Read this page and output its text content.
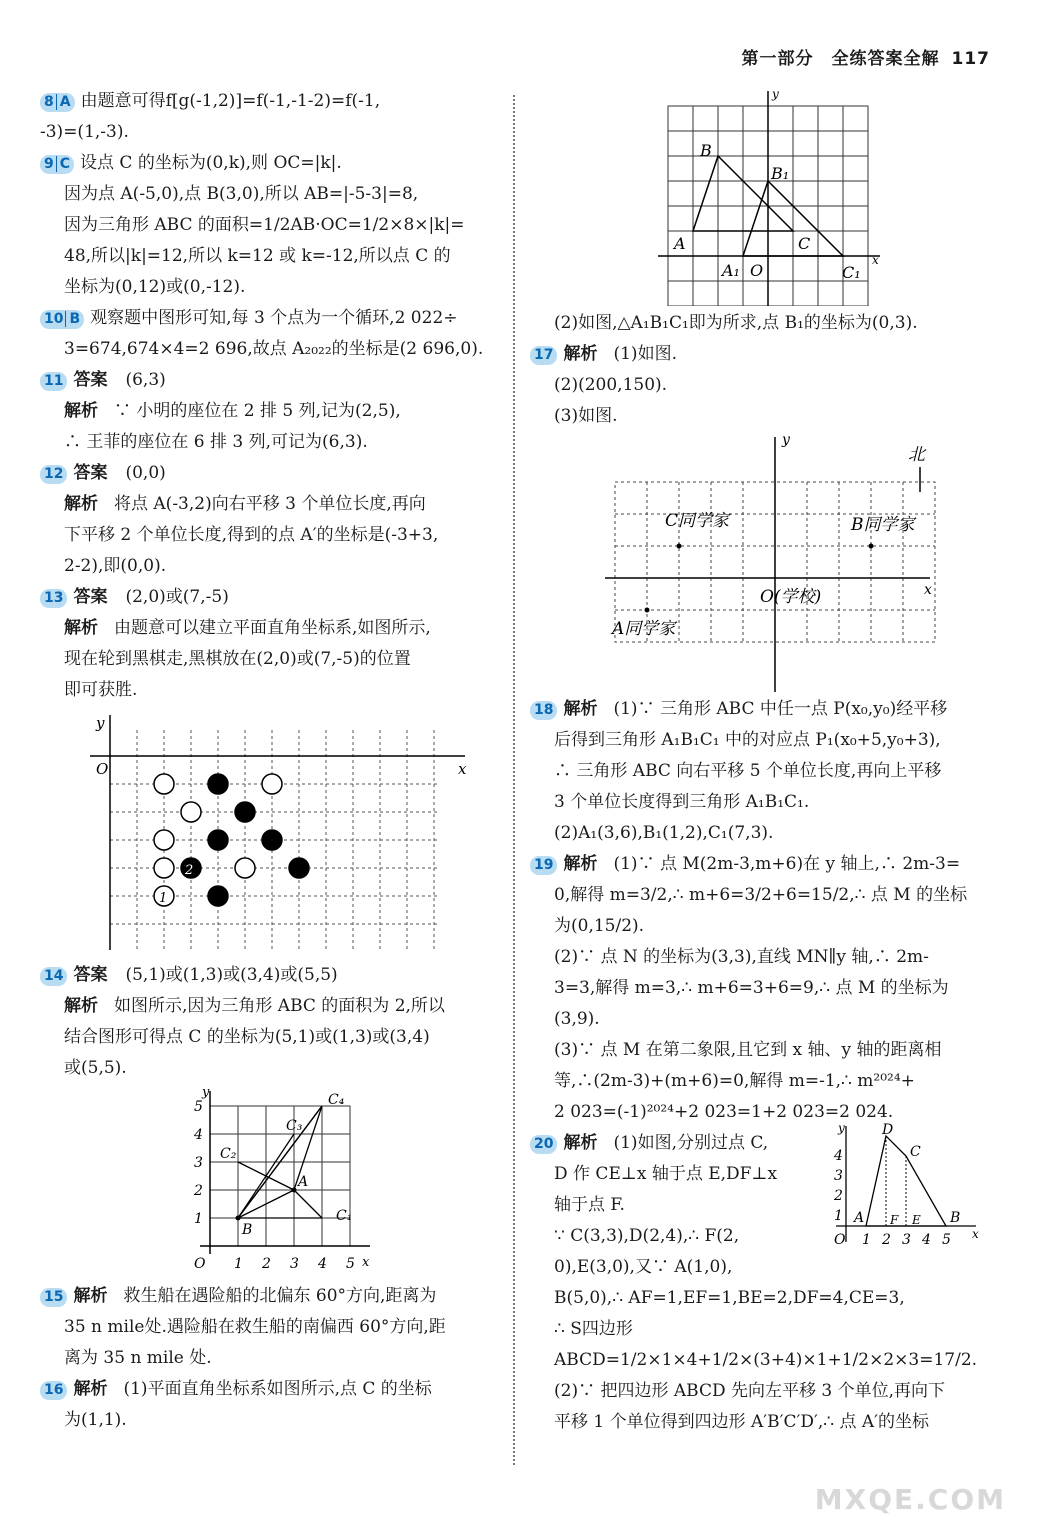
第一部分　全练答案全解 117
8 A 由题意可得f[g(-1,2)]=f(-1,-1-2)=f(-1,
-3)=(1,-3).
9 C 设点 C 的坐标为(0,k),则 OC=|k|.

因为点 A(-5,0),点 B(3,0),所以 AB=|-5-3|=8,
因为三角形 ABC 的面积=1/2AB·OC=1/2×8×|k|=
48,所以|k|=12,所以 k=12 或 k=-12,所以点 C 的
坐标为(0,12)或(0,-12).
10 B 观察题中图形可知,每 3 个点为一个循环,2 022÷

3=674,674×4=2 696,故点 A₂₀₂₂的坐标是(2 696,0).
11 答案 (6,3)
解析 ∵ 小明的座位在 2 排 5 列,记为(2,5),
∴ 王菲的座位在 6 排 3 列,可记为(6,3).
12 答案 (0,0)
解析 将点 A(-3,2)向右平移 3 个单位长度,再向
下平移 2 个单位长度,得到的点 A′的坐标是(-3+3,
2-2),即(0,0).
13 答案 (2,0)或(7,-5)
解析 由题意可以建立平面直角坐标系,如图所示,
现在轮到黑棋走,黑棋放在(2,0)或(7,-5)的位置
即可获胜.
y
x
O
2
1
14 答案 (5,1)或(1,3)或(3,4)或(5,5)
解析 如图所示,因为三角形 ABC 的面积为 2,所以
结合图形可得点 C 的坐标为(5,1)或(1,3)或(3,4)
或(5,5).
y
x
O 1 2 3 4 5
1
2
3
4
5
B
A
C₁
C₂
C₃
C₄
15 解析 救生船在遇险船的北偏东 60°方向,距离为
35 n mile处.遇险船在救生船的南偏西 60°方向,距
离为 35 n mile 处.
16 解析 (1)平面直角坐标系如图所示,点 C 的坐标
为(1,1).
y
x
B
A	C
B₁
A₁ O	C₁
(2)如图,△A₁B₁C₁即为所求,点 B₁的坐标为(0,3).
17 解析 (1)如图.
(2)(200,150).
(3)如图.
y
x
北
C同学家	B同学家
A同学家
O(学校)
18 解析 (1)∵ 三角形 ABC 中任一点 P(x₀,y₀)经平移
后得到三角形 A₁B₁C₁ 中的对应点 P₁(x₀+5,y₀+3),
∴ 三角形 ABC 向右平移 5 个单位长度,再向上平移
3 个单位长度得到三角形 A₁B₁C₁.
(2)A₁(3,6),B₁(1,2),C₁(7,3).
19 解析 (1)∵ 点 M(2m-3,m+6)在 y 轴上,∴ 2m-3=
0,解得 m=3/2,∴ m+6=3/2+6=15/2,∴ 点 M 的坐标
为(0,15/2).
(2)∵ 点 N 的坐标为(3,3),直线 MN∥y 轴,∴ 2m-
3=3,解得 m=3,∴ m+6=3+6=9,∴ 点 M 的坐标为
(3,9).
(3)∵ 点 M 在第二象限,且它到 x 轴、y 轴的距离相
等,∴(2m-3)+(m+6)=0,解得 m=-1,∴ m²⁰²⁴+
2 023=(-1)²⁰²⁴+2 023=1+2 023=2 024.
y
x
O 1 2 3 4 5
4
3
2
1
D
C
A	B
F E
20 解析 (1)如图,分别过点 C,
D 作 CE⊥x 轴于点 E,DF⊥x
轴于点 F.
∵ C(3,3),D(2,4),∴ F(2,
0),E(3,0),又∵ A(1,0),
B(5,0),∴ AF=1,EF=1,BE=2,DF=4,CE=3,
∴ S四边形ABCD=1/2×1×4+1/2×(3+4)×1+1/2×2×3=17/2.
(2)∵ 把四边形 ABCD 先向左平移 3 个单位,再向下
平移 1 个单位得到四边形 A′B′C′D′,∴ 点 A′的坐标
MXQE.COM
